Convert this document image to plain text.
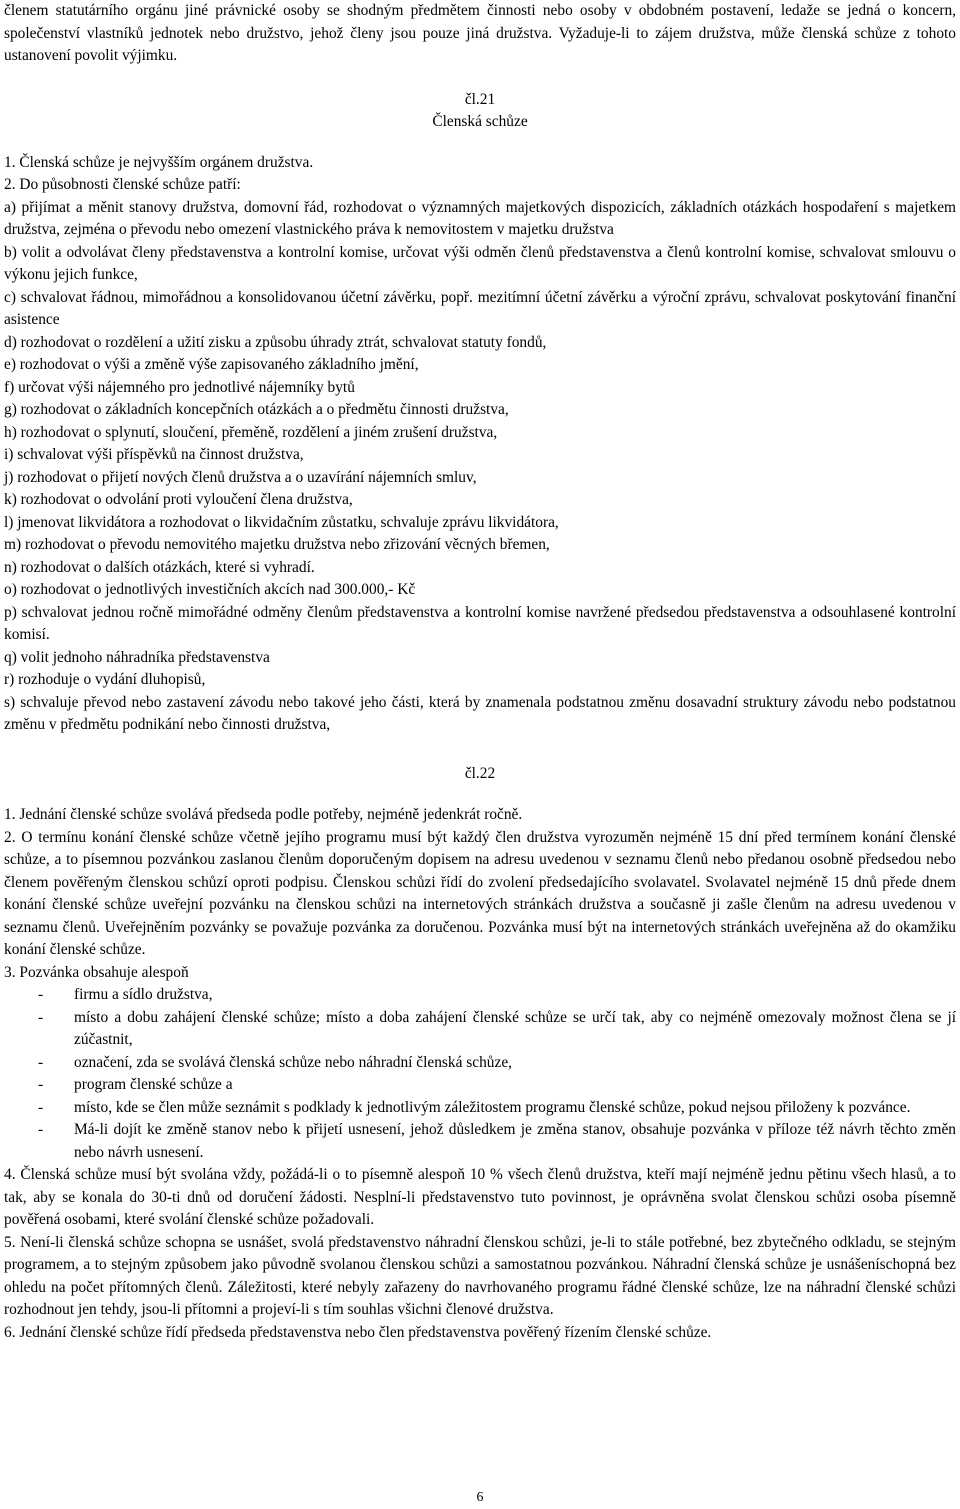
členem statutárního orgánu jiné právnické osoby se shodným předmětem činnosti nebo osoby v obdobném postavení, ledaže se jedná o koncern, společenství vlastníků jednotek nebo družstvo, jehož členy jsou pouze jiná družstva. Vyžaduje-li to zájem družstva, může členská schůze z tohoto ustanovení povolit výjimku.

čl.21

Členská schůze

1. Členská schůze je nejvyšším orgánem družstva.

2. Do působnosti členské schůze patří:

a) přijímat a měnit stanovy družstva, domovní řád, rozhodovat o významných majetkových dispozicích, základních otázkách hospodaření s majetkem družstva, zejména o převodu nebo omezení vlastnického práva k nemovitostem v majetku družstva

b) volit a odvolávat členy představenstva a kontrolní komise, určovat výši odměn členů představenstva a členů kontrolní komise, schvalovat smlouvu o výkonu jejich funkce,

c) schvalovat řádnou, mimořádnou a konsolidovanou účetní závěrku, popř. mezitímní účetní závěrku a výroční zprávu, schvalovat poskytování finanční asistence

d) rozhodovat o rozdělení a užití zisku a způsobu úhrady ztrát, schvalovat statuty fondů,

e) rozhodovat o výši a změně výše zapisovaného základního jmění,

f) určovat výši nájemného pro jednotlivé nájemníky bytů

g) rozhodovat o základních koncepčních otázkách a o předmětu činnosti družstva,

h) rozhodovat o splynutí, sloučení, přeměně, rozdělení a jiném zrušení družstva,

i) schvalovat výši příspěvků na činnost družstva,

j) rozhodovat o přijetí nových členů družstva a o uzavírání nájemních smluv,

k) rozhodovat o odvolání proti vyloučení člena družstva,

l) jmenovat likvidátora a rozhodovat o likvidačním zůstatku, schvaluje zprávu likvidátora,

m) rozhodovat o převodu nemovitého majetku družstva nebo zřizování věcných břemen,

n) rozhodovat o dalších otázkách, které si vyhradí.

o) rozhodovat o jednotlivých investičních akcích nad 300.000,- Kč

p) schvalovat jednou ročně mimořádné odměny členům představenstva a kontrolní komise navržené předsedou představenstva a odsouhlasené kontrolní komisí.

q) volit jednoho náhradníka představenstva

r) rozhoduje o vydání dluhopisů,

s) schvaluje převod nebo zastavení závodu nebo takové jeho části, která by znamenala podstatnou změnu dosavadní struktury závodu nebo podstatnou změnu v předmětu podnikání nebo činnosti družstva,

čl.22

1. Jednání členské schůze svolává předseda podle potřeby, nejméně jedenkrát ročně.

2. O termínu konání členské schůze včetně jejího programu musí být každý člen družstva vyrozuměn nejméně 15 dní před termínem konání členské schůze, a to písemnou pozvánkou zaslanou členům doporučeným dopisem na adresu uvedenou v seznamu členů nebo předanou osobně předsedou nebo členem pověřeným členskou schůzí oproti podpisu. Členskou schůzi řídí do zvolení předsedajícího svolavatel. Svolavatel nejméně 15 dnů přede dnem konání členské schůze uveřejní pozvánku na členskou schůzi na internetových stránkách družstva a současně ji zašle členům na adresu uvedenou v seznamu členů. Uveřejněním pozvánky se považuje pozvánka za doručenou. Pozvánka musí být na internetových stránkách uveřejněna až do okamžiku konání členské schůze.

3. Pozvánka obsahuje alespoň

-	firmu a sídlo družstva,
-	místo a dobu zahájení členské schůze; místo a doba zahájení členské schůze se určí tak, aby co nejméně omezovaly možnost člena se jí zúčastnit,
-	označení, zda se svolává členská schůze nebo náhradní členská schůze,
-	program členské schůze a
-	místo, kde se člen může seznámit s podklady k jednotlivým záležitostem programu členské schůze, pokud nejsou přiloženy k pozvánce.
-	Má-li dojít ke změně stanov nebo k přijetí usnesení, jehož důsledkem je změna stanov, obsahuje pozvánka v příloze též návrh těchto změn nebo návrh usnesení.

4. Členská schůze musí být svolána vždy, požádá-li o to písemně alespoň 10 % všech členů družstva, kteří mají nejméně jednu pětinu všech hlasů, a to tak, aby se konala do 30-ti dnů od doručení žádosti. Nesplní-li představenstvo tuto povinnost, je oprávněna svolat členskou schůzi osoba písemně pověřená osobami, které svolání členské schůze požadovali.

5. Není-li členská schůze schopna se usnášet, svolá představenstvo náhradní členskou schůzi, je-li to stále potřebné, bez zbytečného odkladu, se stejným programem, a to stejným způsobem jako původně svolanou členskou schůzi a samostatnou pozvánkou. Náhradní členská schůze je usnášeníschopná bez ohledu na počet přítomných členů. Záležitosti, které nebyly zařazeny do navrhovaného programu řádné členské schůze, lze na náhradní členské schůzi rozhodnout jen tehdy, jsou-li přítomni a projeví-li s tím souhlas všichni členové družstva.

6. Jednání členské schůze řídí předseda představenstva nebo člen představenstva pověřený řízením členské schůze.

6
